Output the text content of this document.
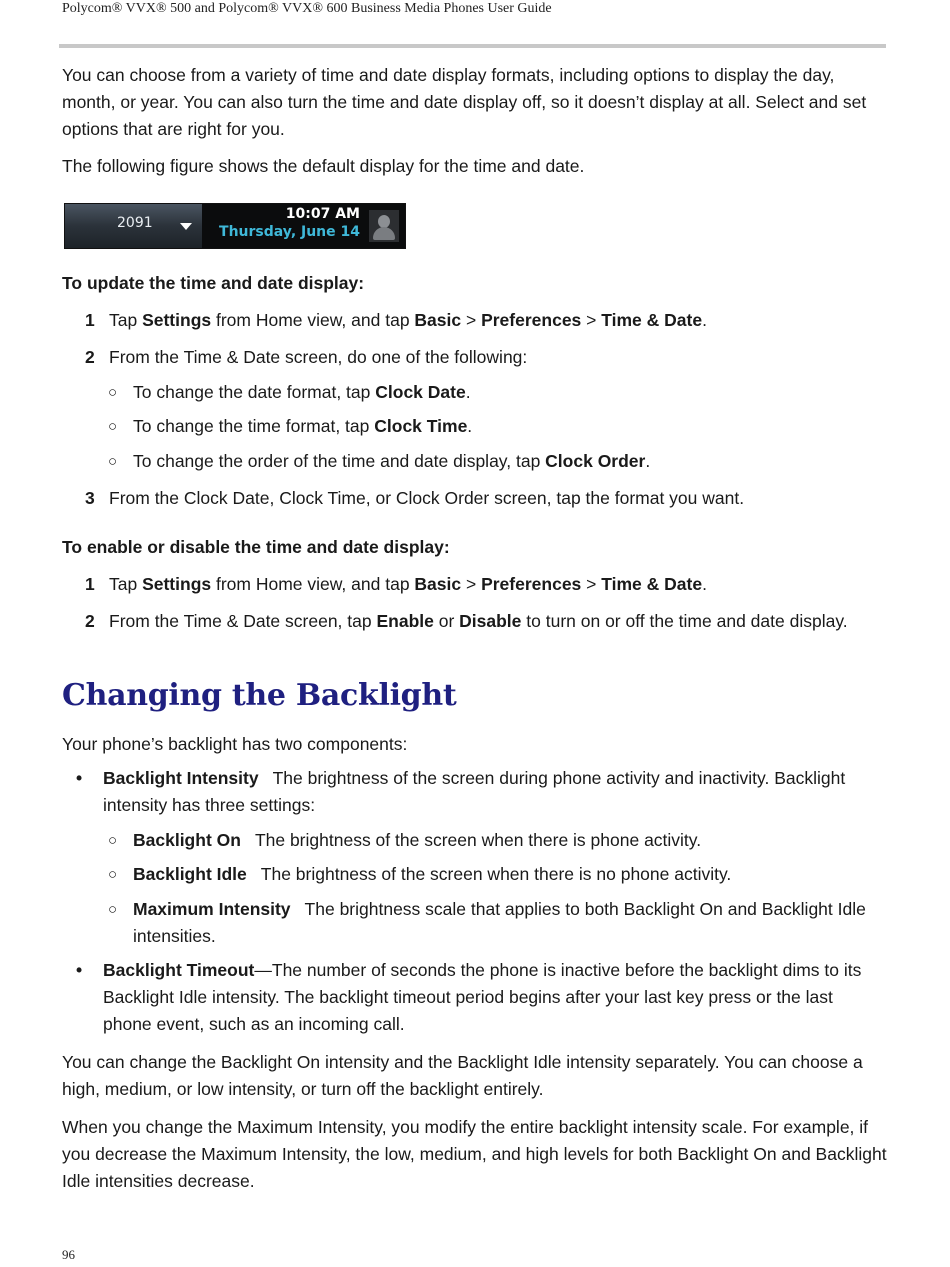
Polycom® VVX® 500 and Polycom® VVX® 600 Business Media Phones User Guide
You can choose from a variety of time and date display formats, including options to display the day, month, or year. You can also turn the time and date display off, so it doesn’t display at all. Select and set options that are right for you.
The following figure shows the default display for the time and date.
2091
10:07 AM
Thursday, June 14
To update the time and date display:
1 Tap Settings from Home view, and tap Basic > Preferences > Time & Date.
2 From the Time & Date screen, do one of the following:
○ To change the date format, tap Clock Date.
○ To change the time format, tap Clock Time.
○ To change the order of the time and date display, tap Clock Order.
3 From the Clock Date, Clock Time, or Clock Order screen, tap the format you want.
To enable or disable the time and date display:
1 Tap Settings from Home view, and tap Basic > Preferences > Time & Date.
2 From the Time & Date screen, tap Enable or Disable to turn on or off the time and date display.
Changing the Backlight
Your phone’s backlight has two components:
• Backlight Intensity The brightness of the screen during phone activity and inactivity. Backlight intensity has three settings:
○ Backlight On The brightness of the screen when there is phone activity.
○ Backlight Idle The brightness of the screen when there is no phone activity.
○ Maximum Intensity The brightness scale that applies to both Backlight On and Backlight Idle intensities.
• Backlight Timeout—The number of seconds the phone is inactive before the backlight dims to its Backlight Idle intensity. The backlight timeout period begins after your last key press or the last phone event, such as an incoming call.
You can change the Backlight On intensity and the Backlight Idle intensity separately. You can choose a high, medium, or low intensity, or turn off the backlight entirely.
When you change the Maximum Intensity, you modify the entire backlight intensity scale. For example, if you decrease the Maximum Intensity, the low, medium, and high levels for both Backlight On and Backlight Idle intensities decrease.
96
